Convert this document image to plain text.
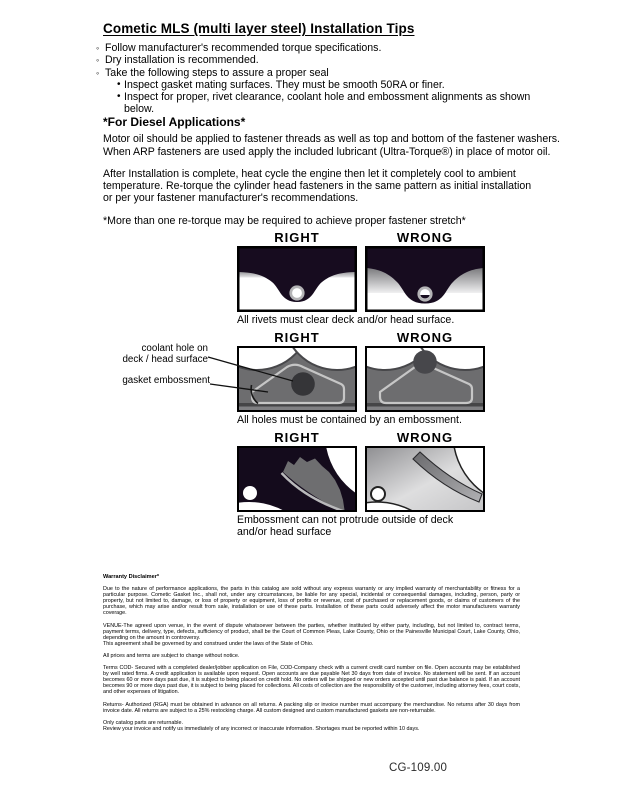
Cometic MLS (multi layer steel) Installation Tips
◦ Follow manufacturer's recommended torque specifications.
◦ Dry installation is recommended.
◦ Take the following steps to assure a proper seal
• Inspect gasket mating surfaces. They must be smooth 50RA or finer.
• Inspect for proper, rivet clearance, coolant hole and embossment alignments as shown below.
*For Diesel Applications*
Motor oil should be applied to fastener threads as well as top and bottom of the fastener washers.
When ARP fasteners are used apply the included lubricant (Ultra-Torque®) in place of motor oil.
After Installation is complete, heat cycle the engine then let it completely cool to ambient
temperature. Re-torque the cylinder head fasteners in the same pattern as initial installation
or per your fastener manufacturer's recommendations.
*More than one re-torque may be required to achieve proper fastener stretch*
RIGHT	WRONG
All rivets must clear deck and/or head surface.
RIGHT	WRONG
All holes must be contained by an embossment.
coolant hole on
deck / head surface
gasket embossment
RIGHT	WRONG
Embossment can not protrude outside of deck
and/or head surface
Warranty Disclaimer*
Due to the nature of performance applications, the parts in this catalog are sold without any express warranty or any implied warranty of merchantability or fitness for a particular purpose. Cometic Gasket Inc., shall not, under any circumstances, be liable for any special, incidental or consequential damages, including, person, party or property, but not limited to, damage, or loss of property or equipment, loss of profits or revenue, cost of purchased or replacement goods, or claims of customers of the purchase, which may arise and/or result from sale, installation or use of these parts. Installation of these parts could adversely affect the motor manufacturers warranty coverage.
VENUE-The agreed upon venue, in the event of dispute whatsoever between the parties, whether instituted by either party, including, but not limited to, contract terms, payment terms, delivery, type, defects, sufficiency of product, shall be the Court of Common Pleas, Lake County, Ohio or the Painesville Municipal Court, Lake County, Ohio, depending on the amount in controversy.
This agreement shall be governed by and construed under the laws of the State of Ohio.
All prices and terms are subject to change without notice.
Terms COD- Secured with a completed dealer/jobber application on File, COD-Company check with a current credit card number on file. Open accounts may be established by well rated firms. A credit application is available upon request. Open accounts are due payable Net 30 days from date of invoice. No statement will be sent. If an account becomes 60 or more days past due, it is subject to being placed on credit hold. No orders will be shipped or new orders accepted until past due balance is paid. If an account becomes 90 or more days past due, it is subject to being placed for collections. All costs of collection are the responsibility of the customer, including attorney fees, court costs, and other expenses of litigation.
Returns- Authorized (RGA) must be obtained in advance on all returns. A packing slip or invoice number must accompany the merchandise. No returns after 30 days from invoice date. All returns are subject to a 25% restocking charge. All custom designed and custom manufactured gaskets are non-returnable.
Only catalog parts are returnable.
Review your invoice and notify us immediately of any incorrect or inaccurate information. Shortages must be reported within 10 days.
CG-109.00
